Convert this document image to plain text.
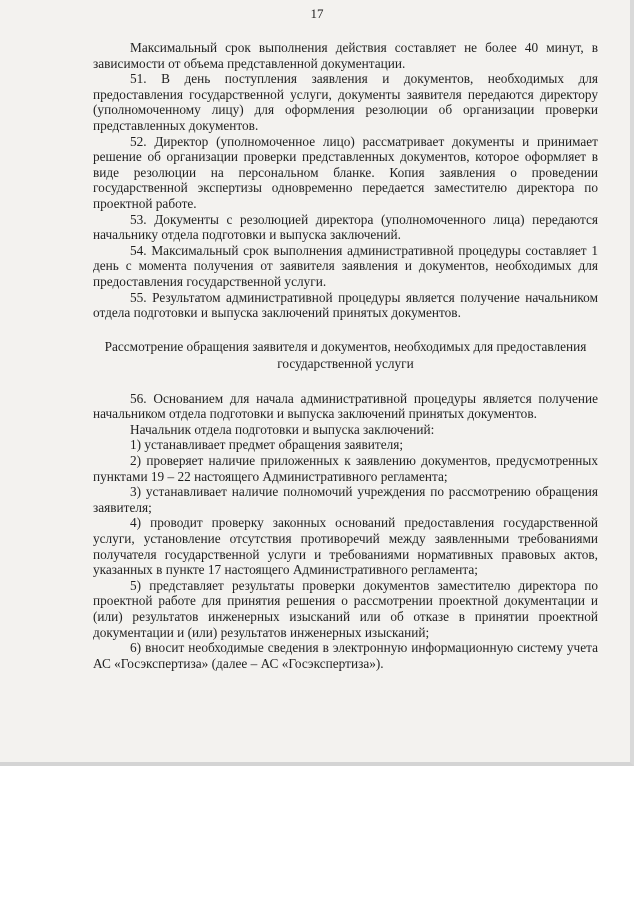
17

Максимальный срок выполнения действия составляет не более 40 минут, в зависимости от объема представленной документации.

51. В день поступления заявления и документов, необходимых для предоставления государственной услуги, документы заявителя передаются директору (уполномоченному лицу) для оформления резолюции об организации проверки представленных документов.

52. Директор (уполномоченное лицо) рассматривает документы и принимает решение об организации проверки представленных документов, которое оформляет в виде резолюции на персональном бланке. Копия заявления о проведении государственной экспертизы одновременно передается заместителю директора по проектной работе.

53. Документы с резолюцией директора (уполномоченного лица) передаются начальнику отдела подготовки и выпуска заключений.

54. Максимальный срок выполнения административной процедуры составляет 1 день с момента получения от заявителя заявления и документов, необходимых для предоставления государственной услуги.

55. Результатом административной процедуры является получение начальником отдела подготовки и выпуска заключений принятых документов.

Рассмотрение обращения заявителя и документов, необходимых для предоставления государственной услуги

56. Основанием для начала административной процедуры является получение начальником отдела подготовки и выпуска заключений принятых документов.

Начальник отдела подготовки и выпуска заключений:

1) устанавливает предмет обращения заявителя;

2) проверяет наличие приложенных к заявлению документов, предусмотренных пунктами 19 – 22 настоящего Административного регламента;

3) устанавливает наличие полномочий учреждения по рассмотрению обращения заявителя;

4) проводит проверку законных оснований предоставления государственной услуги, установление отсутствия противоречий между заявленными требованиями получателя государственной услуги и требованиями нормативных правовых актов, указанных в пункте 17 настоящего Административного регламента;

5) представляет результаты проверки документов заместителю директора по проектной работе для принятия решения о рассмотрении проектной документации и (или) результатов инженерных изысканий или об отказе в принятии проектной документации и (или) результатов инженерных изысканий;

6) вносит необходимые сведения в электронную информационную систему учета АС «Госэкспертиза» (далее – АС «Госэкспертиза»).
